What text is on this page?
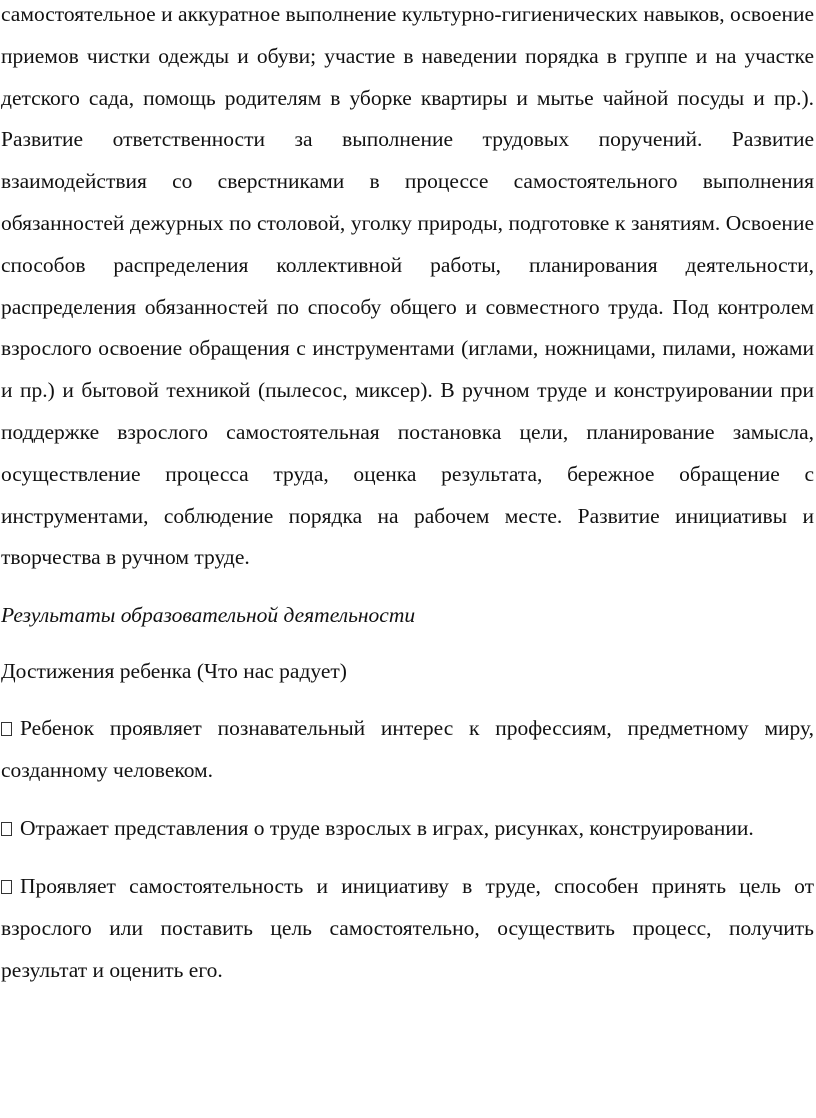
самостоятельное и аккуратное выполнение культурно-гигиенических навыков, освоение приемов чистки одежды и обуви; участие в наведении порядка в группе и на участке детского сада, помощь родителям в уборке квартиры и мытье чайной посуды и пр.). Развитие ответственности за выполнение трудовых поручений. Развитие взаимодействия со сверстниками в процессе самостоятельного выполнения обязанностей дежурных по столовой, уголку природы, подготовке к занятиям. Освоение способов распределения коллективной работы, планирования деятельности, распределения обязанностей по способу общего и совместного труда. Под контролем взрослого освоение обращения с инструментами (иглами, ножницами, пилами, ножами и пр.) и бытовой техникой (пылесос, миксер). В ручном труде и конструировании при поддержке взрослого самостоятельная постановка цели, планирование замысла, осуществление процесса труда, оценка результата, бережное обращение с инструментами, соблюдение порядка на рабочем месте. Развитие инициативы и творчества в ручном труде.

Результаты образовательной деятельности

Достижения ребенка (Что нас радует)

Ребенок проявляет познавательный интерес к профессиям, предметному миру, созданному человеком.

Отражает представления о труде взрослых в играх, рисунках, конструировании.

Проявляет самостоятельность и инициативу в труде, способен принять цель от взрослого или поставить цель самостоятельно, осуществить процесс, получить результат и оценить его.
